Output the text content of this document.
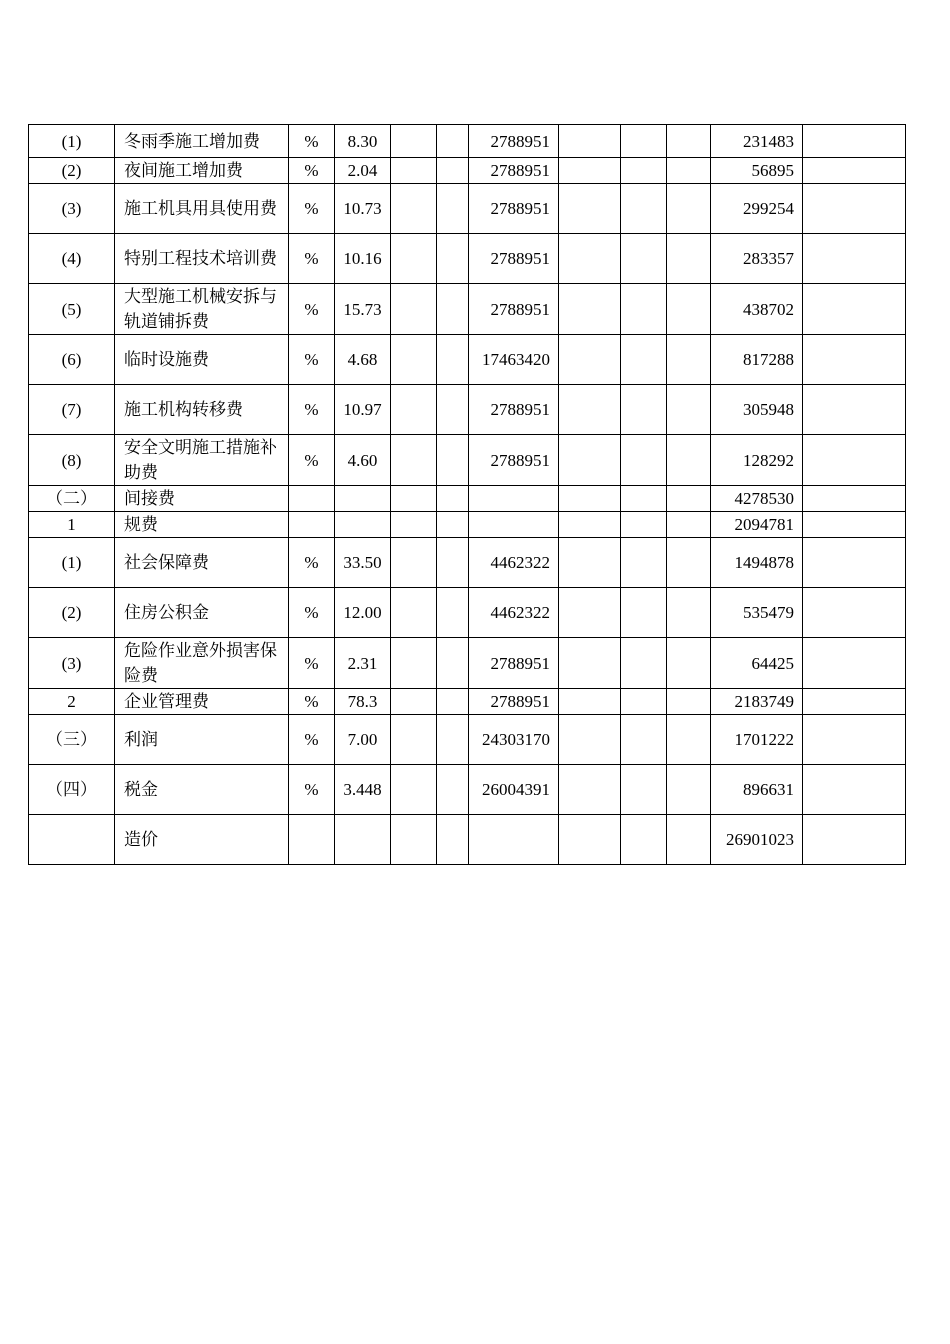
(1)	冬雨季施工增加费	%	8.30			2788951				231483	
(2)	夜间施工增加费	%	2.04			2788951				56895	
(3)	施工机具用具使用费	%	10.73			2788951				299254	
(4)	特别工程技术培训费	%	10.16			2788951				283357	
(5)	大型施工机械安拆与轨道铺拆费	%	15.73			2788951				438702	
(6)	临时设施费	%	4.68			17463420				817288	
(7)	施工机构转移费	%	10.97			2788951				305948	
(8)	安全文明施工措施补助费	%	4.60			2788951				128292	
（二）	间接费									4278530	
1	规费									2094781	
(1)	社会保障费	%	33.50			4462322				1494878	
(2)	住房公积金	%	12.00			4462322				535479	
(3)	危险作业意外损害保险费	%	2.31			2788951				64425	
2	企业管理费	%	78.3			2788951				2183749	
（三）	利润	%	7.00			24303170				1701222	
（四）	税金	%	3.448			26004391				896631	
	造价									26901023	
